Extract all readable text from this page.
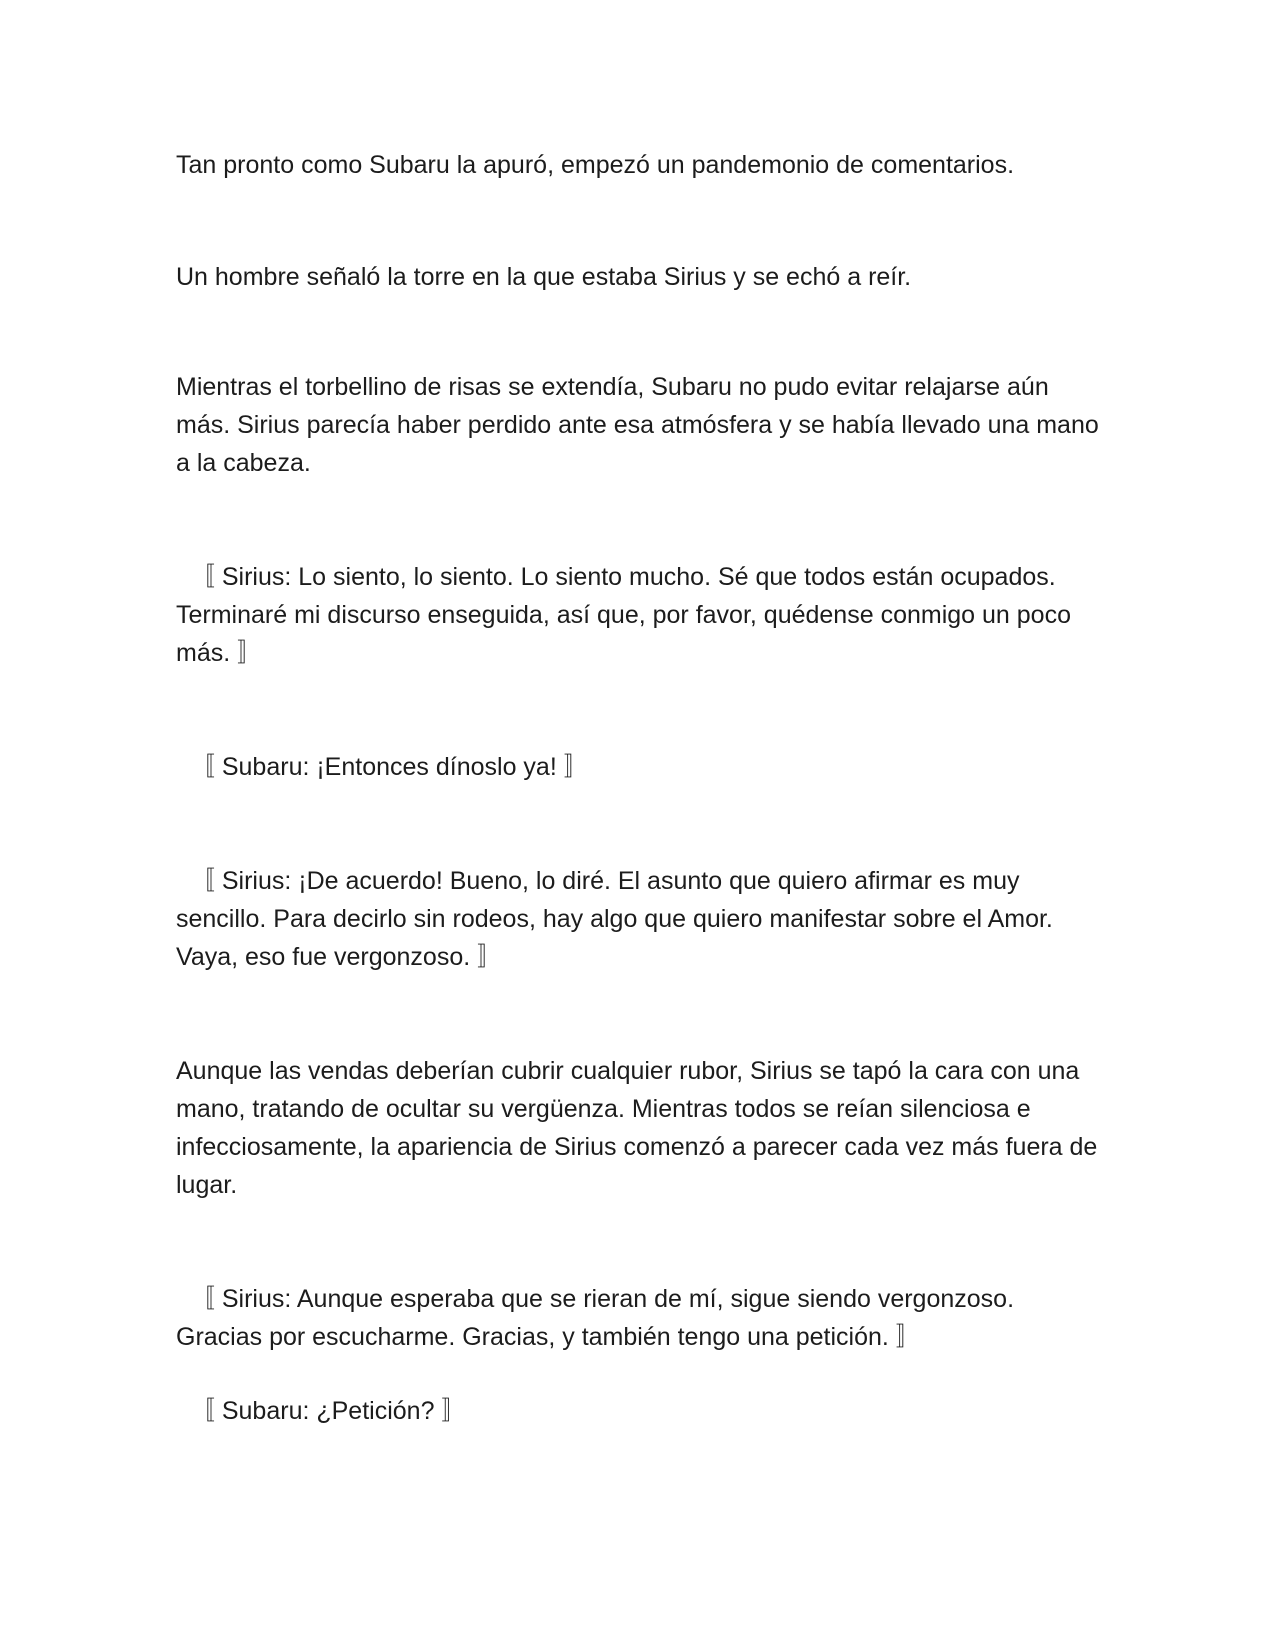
Tan pronto como Subaru la apuró, empezó un pandemonio de comentarios.

Un hombre señaló la torre en la que estaba Sirius y se echó a reír.

Mientras el torbellino de risas se extendía, Subaru no pudo evitar relajarse aún más. Sirius parecía haber perdido ante esa atmósfera y se había llevado una mano a la cabeza.

〚 Sirius: Lo siento, lo siento. Lo siento mucho. Sé que todos están ocupados. Terminaré mi discurso enseguida, así que, por favor, quédense conmigo un poco más. 〛

〚 Subaru: ¡Entonces dínoslo ya! 〛

〚 Sirius: ¡De acuerdo! Bueno, lo diré. El asunto que quiero afirmar es muy sencillo. Para decirlo sin rodeos, hay algo que quiero manifestar sobre el Amor. Vaya, eso fue vergonzoso. 〛

Aunque las vendas deberían cubrir cualquier rubor, Sirius se tapó la cara con una mano, tratando de ocultar su vergüenza. Mientras todos se reían silenciosa e infecciosamente, la apariencia de Sirius comenzó a parecer cada vez más fuera de lugar.

〚 Sirius: Aunque esperaba que se rieran de mí, sigue siendo vergonzoso. Gracias por escucharme. Gracias, y también tengo una petición. 〛

〚 Subaru: ¿Petición? 〛
